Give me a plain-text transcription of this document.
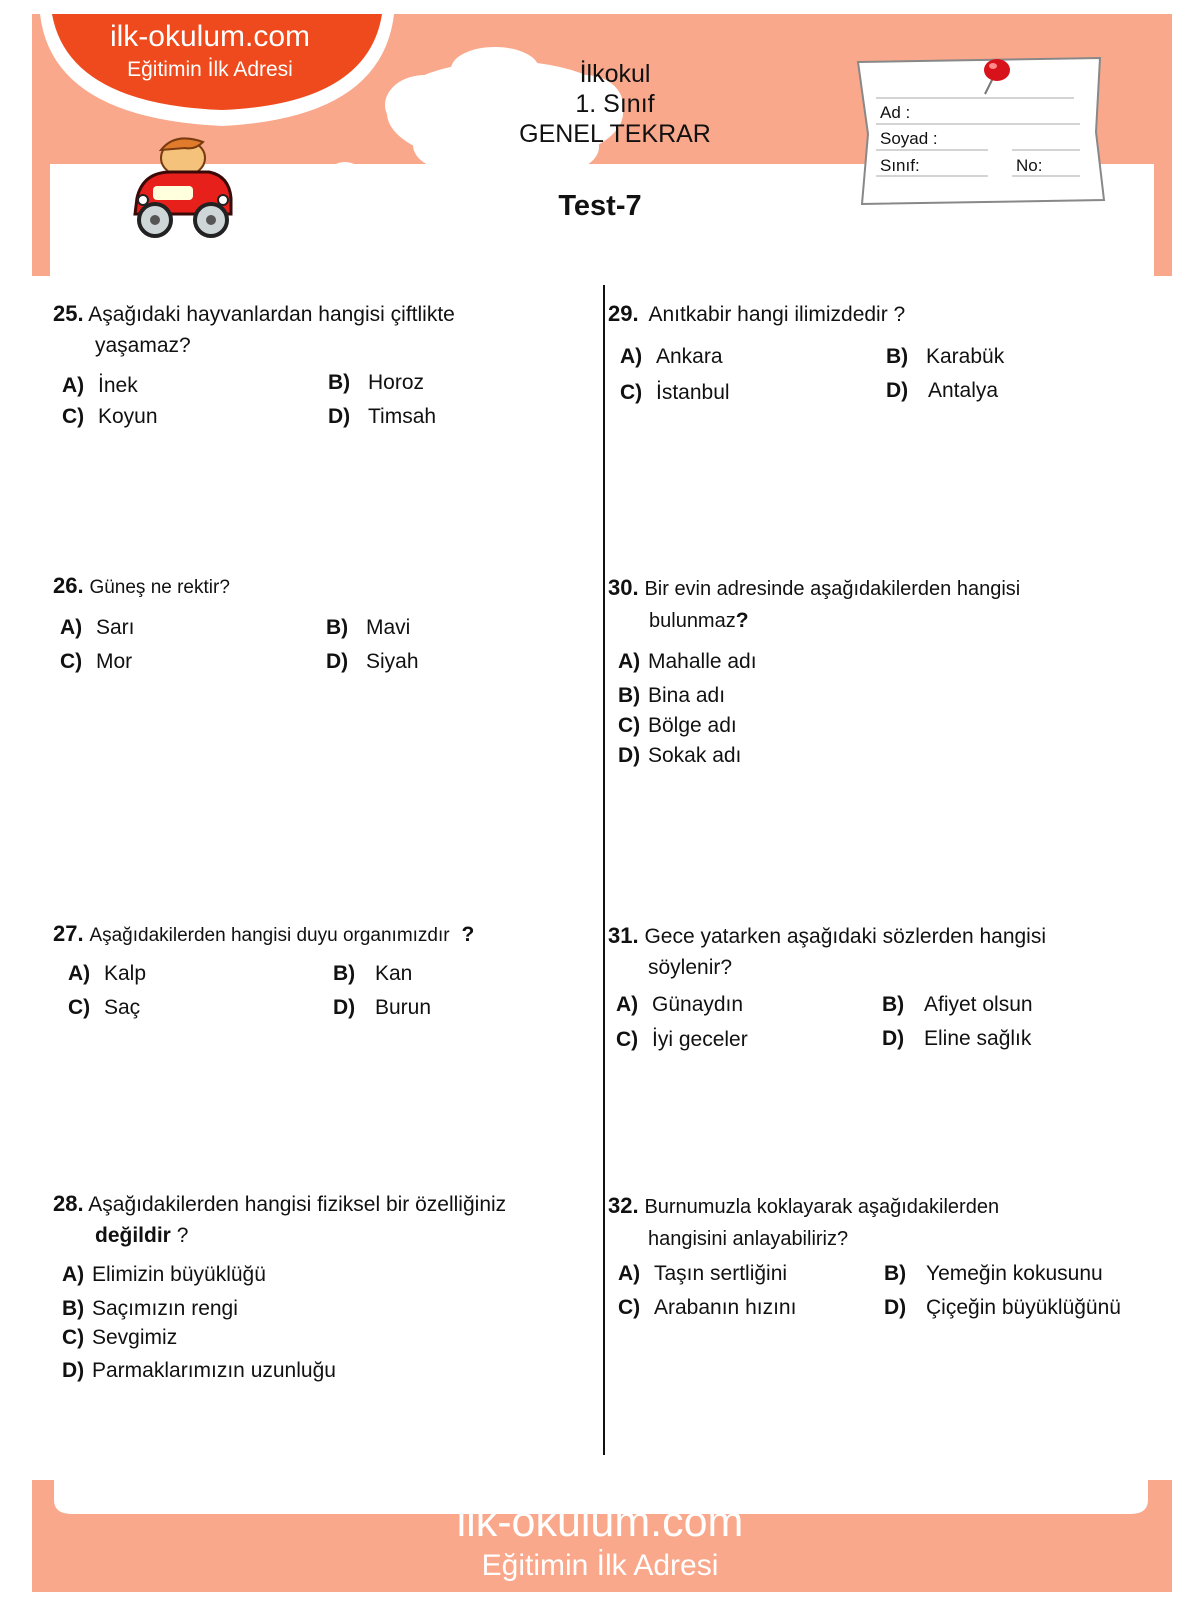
ilk-okulum.com
Eğitimin İlk Adresi	İlkokul
1. Sınıf
GENEL TEKRAR
Ad :
Soyad :
Sınıf:	No:
Test-7
25. Aşağıdaki hayvanlardan hangisi çiftlikte
yaşamaz?
A) İnek	B) Horoz
C) Koyun	D) Timsah
26. Güneş ne rektir?
A) Sarı	B) Mavi
C) Mor	D) Siyah
27. Aşağıdakilerden hangisi duyu organımızdır ?
A) Kalp	B) Kan
C) Saç	D) Burun
28. Aşağıdakilerden hangisi fiziksel bir özelliğiniz
değildir ?
A) Elimizin büyüklüğü
B) Saçımızın rengi
C) Sevgimiz
D) Parmaklarımızın uzunluğu
29. Anıtkabir hangi ilimizdedir ?
A) Ankara	B) Karabük
C) İstanbul	D) Antalya
30. Bir evin adresinde aşağıdakilerden hangisi
bulunmaz?
A) Mahalle adı
B) Bina adı
C) Bölge adı
D) Sokak adı
31. Gece yatarken aşağıdaki sözlerden hangisi
söylenir?
A) Günaydın	B) Afiyet olsun
C) İyi geceler	D) Eline sağlık
32. Burnumuzla koklayarak aşağıdakilerden
hangisini anlayabiliriz?
A) Taşın sertliğini	B) Yemeğin kokusunu
C) Arabanın hızını	D) Çiçeğin büyüklüğünü
ilk-okulum.com
Eğitimin İlk Adresi
